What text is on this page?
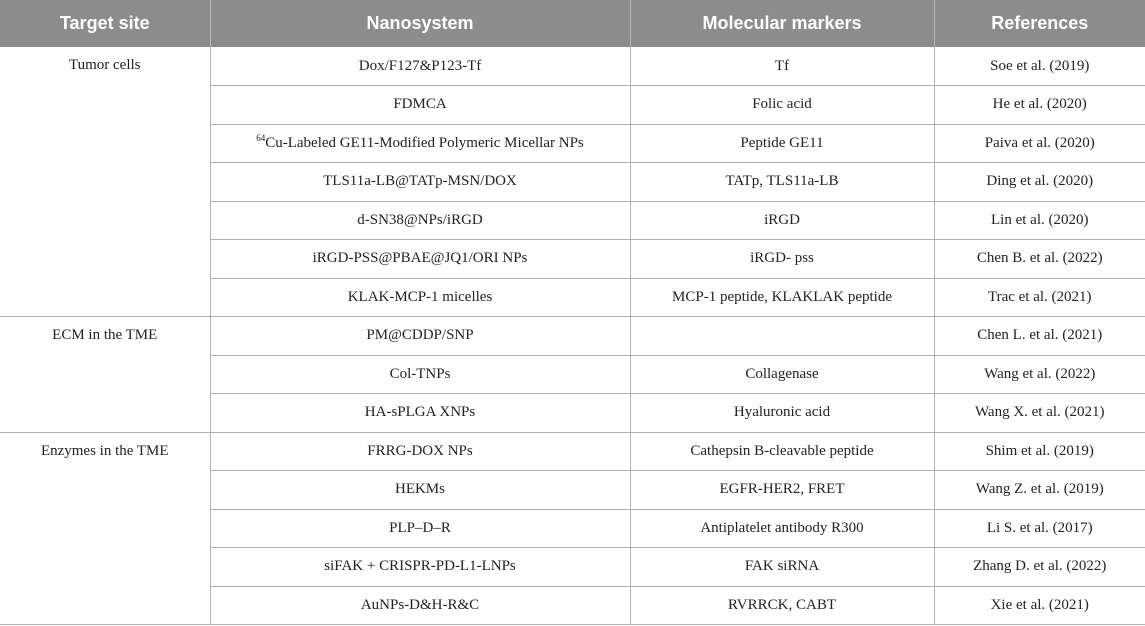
Target site	Nanosystem	Molecular markers	References
Tumor cells	Dox/F127&P123-Tf	Tf	Soe et al. (2019)
	FDMCA	Folic acid	He et al. (2020)
	$^{64}$Cu-Labeled GE11-Modified Polymeric Micellar NPs	Peptide GE11	Paiva et al. (2020)
	TLS11a-LB@TATp-MSN/DOX	TATp, TLS11a-LB	Ding et al. (2020)
	d-SN38@NPs/iRGD	iRGD	Lin et al. (2020)
	iRGD-PSS@PBAE@JQ1/ORI NPs	iRGD- pss	Chen B. et al. (2022)
	KLAK-MCP-1 micelles	MCP-1 peptide, KLAKLAK peptide	Trac et al. (2021)
ECM in the TME	PM@CDDP/SNP		Chen L. et al. (2021)
	Col-TNPs	Collagenase	Wang et al. (2022)
	HA-sPLGA XNPs	Hyaluronic acid	Wang X. et al. (2021)
Enzymes in the TME	FRRG-DOX NPs	Cathepsin B-cleavable peptide	Shim et al. (2019)
	HEKMs	EGFR-HER2, FRET	Wang Z. et al. (2019)
	PLP–D–R	Antiplatelet antibody R300	Li S. et al. (2017)
	siFAK + CRISPR-PD-L1-LNPs	FAK siRNA	Zhang D. et al. (2022)
	AuNPs-D&H-R&C	RVRRCK, CABT	Xie et al. (2021)
